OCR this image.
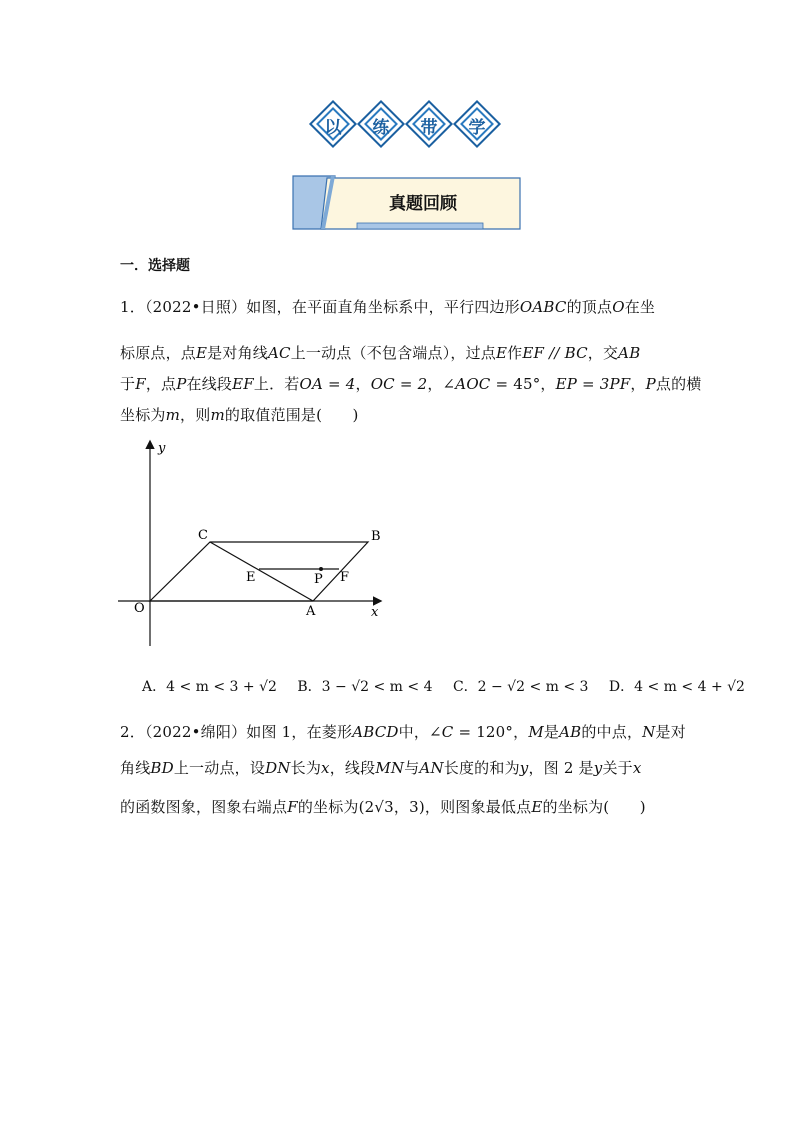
以	练	带	学
真题回顾
一．选择题
1．（2022•日照）如图，在平面直角坐标系中，平行四边形OABC的顶点O在坐
标原点，点E是对角线AC上一动点（不包含端点），过点E作EF // BC，交AB
于F，点P在线段EF上．若OA = 4，OC = 2，∠AOC = 45°，EP = 3PF，P点的横
坐标为m，则m的取值范围是(　　)
y
x
O	A
B
C
E	F
P
A．4 < m < 3 + √2 B．3 − √2 < m < 4 C．2 − √2 < m < 3 D．4 < m < 4 + √2
2．（2022•绵阳）如图 1，在菱形ABCD中，∠C = 120°，M是AB的中点，N是对
角线BD上一动点，设DN长为x，线段MN与AN长度的和为y，图 2 是y关于x
的函数图象，图象右端点F的坐标为(2√3，3)，则图象最低点E的坐标为(　　)
